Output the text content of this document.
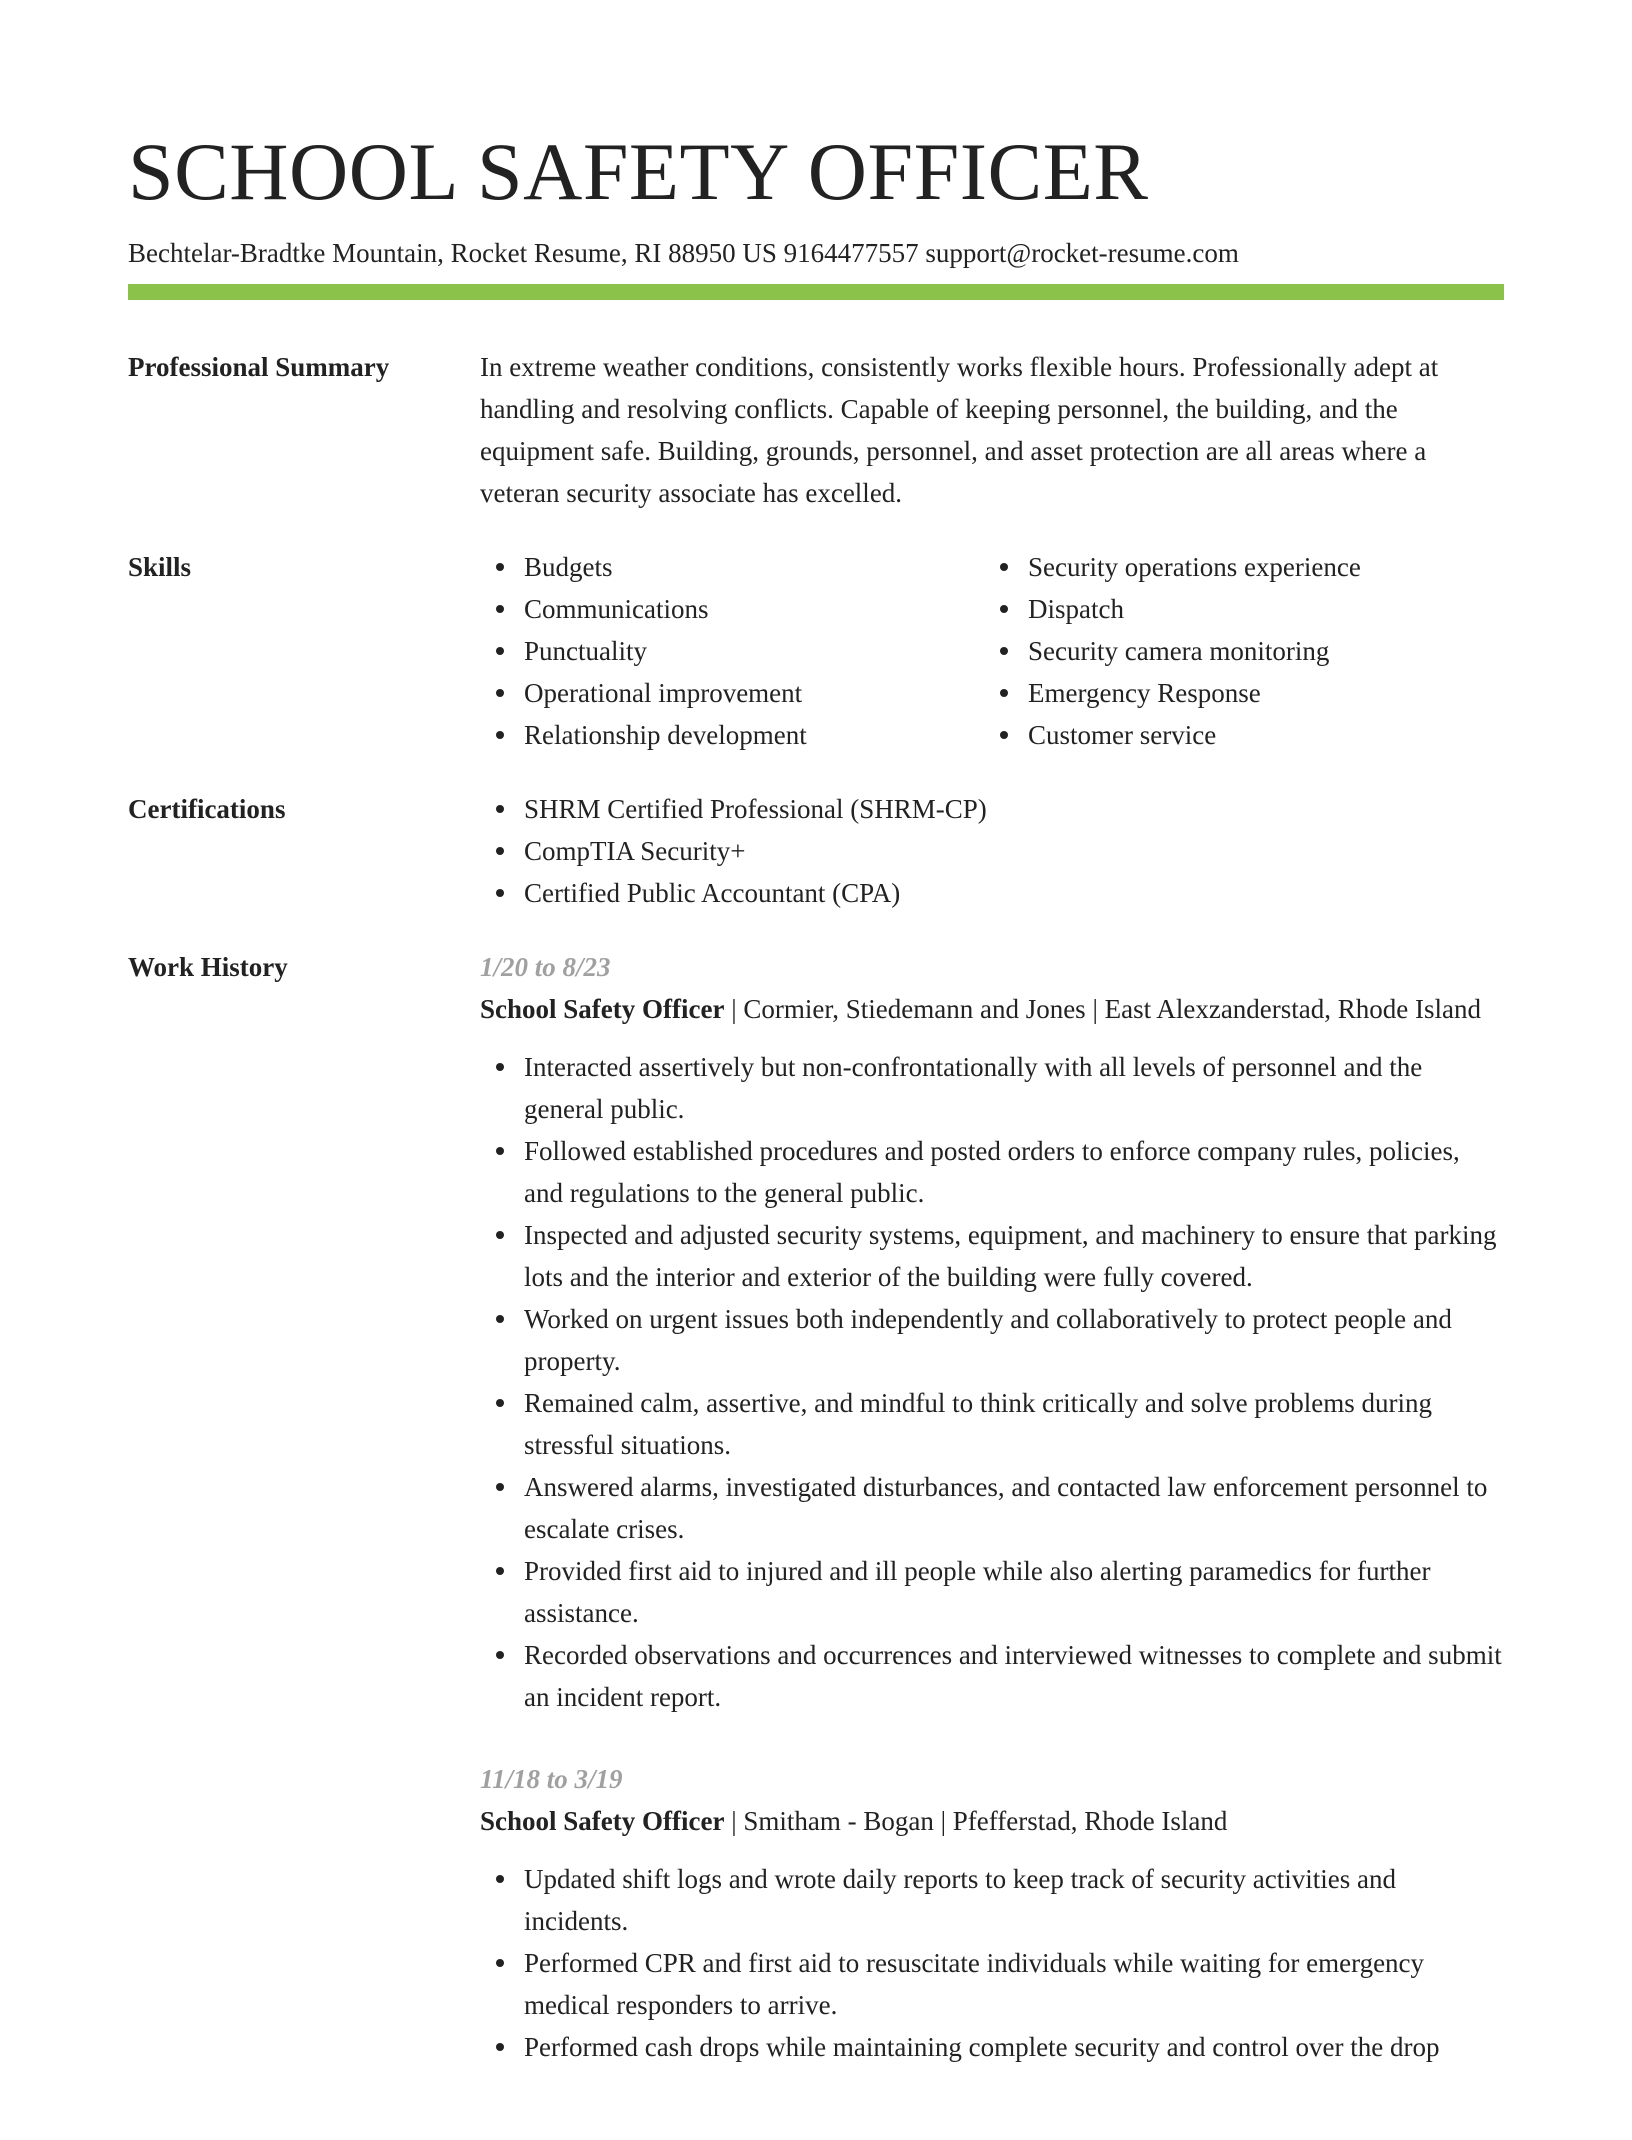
SCHOOL SAFETY OFFICER
Bechtelar-Bradtke Mountain, Rocket Resume, RI 88950 US 9164477557 support@rocket-resume.com
Professional Summary	In extreme weather conditions, consistently works flexible hours. Professionally adept at handling and resolving conflicts. Capable of keeping personnel, the building, and the equipment safe. Building, grounds, personnel, and asset protection are all areas where a veteran security associate has excelled.

Skills	Budgets
Communications
Punctuality
Operational improvement
Relationship development
Security operations experience
Dispatch
Security camera monitoring
Emergency Response
Customer service
Certifications	SHRM Certified Professional (SHRM-CP)
CompTIA Security+
Certified Public Accountant (CPA)
Work History	1/20 to 8/23
School Safety Officer | Cormier, Stiedemann and Jones | East Alexzanderstad, Rhode Island
Interacted assertively but non-confrontationally with all levels of personnel and the general public.
Followed established procedures and posted orders to enforce company rules, policies, and regulations to the general public.
Inspected and adjusted security systems, equipment, and machinery to ensure that parking lots and the interior and exterior of the building were fully covered.
Worked on urgent issues both independently and collaboratively to protect people and property.
Remained calm, assertive, and mindful to think critically and solve problems during stressful situations.
Answered alarms, investigated disturbances, and contacted law enforcement personnel to escalate crises.
Provided first aid to injured and ill people while also alerting paramedics for further assistance.
Recorded observations and occurrences and interviewed witnesses to complete and submit an incident report.
11/18 to 3/19
School Safety Officer | Smitham - Bogan | Pfefferstad, Rhode Island
Updated shift logs and wrote daily reports to keep track of security activities and incidents.
Performed CPR and first aid to resuscitate individuals while waiting for emergency medical responders to arrive.
Performed cash drops while maintaining complete security and control over the drop
